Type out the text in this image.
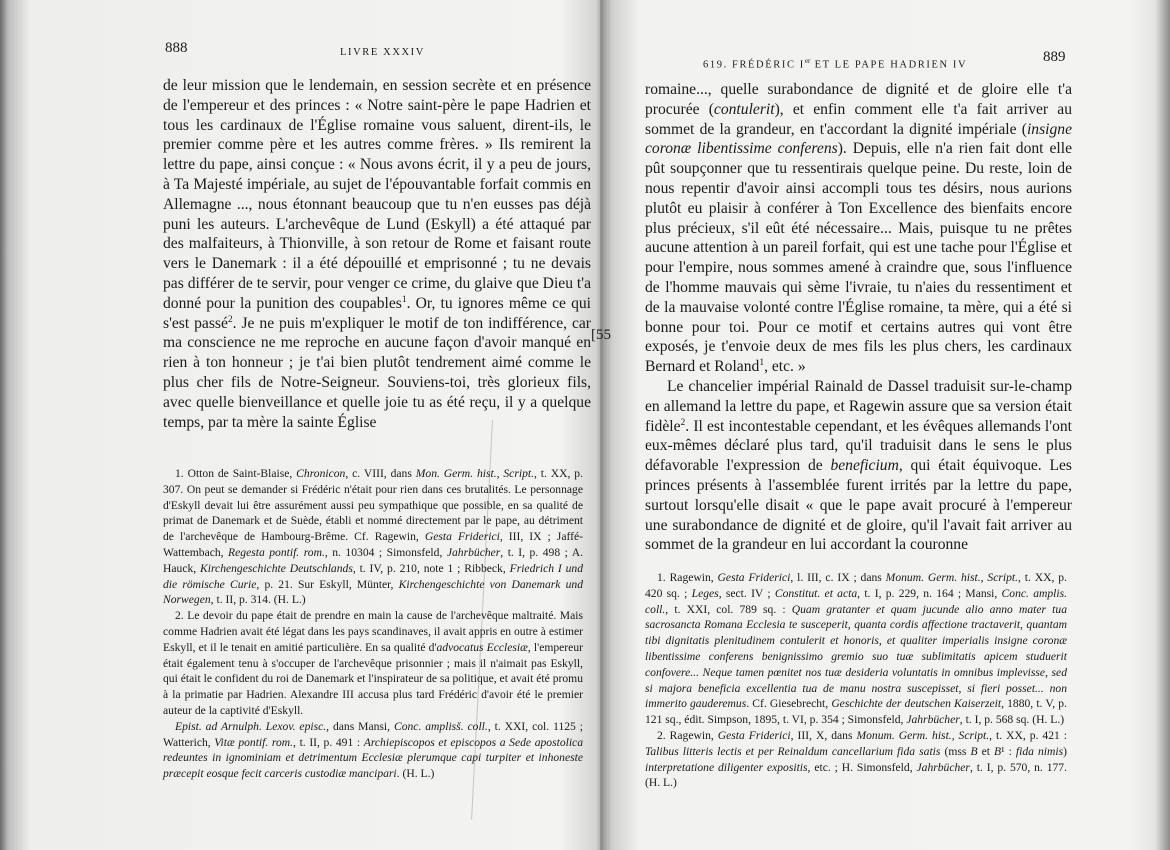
888	LIVRE XXXIV

de leur mission que le lendemain, en session secrète et en présence de l'empereur et des princes : « Notre saint-père le pape Hadrien et tous les cardinaux de l'Église romaine vous saluent, dirent-ils, le premier comme père et les autres comme frères. » Ils remirent la lettre du pape, ainsi conçue : « Nous avons écrit, il y a peu de jours, à Ta Majesté impériale, au sujet de l'épouvantable forfait commis en Allemagne ..., nous étonnant beaucoup que tu n'en eusses pas déjà puni les auteurs. L'archevêque de Lund (Eskyll) a été attaqué par des malfaiteurs, à Thionville, à son retour de Rome et faisant route vers le Danemark : il a été dépouillé et emprisonné ; tu ne devais pas différer de te servir, pour venger ce crime, du glaive que Dieu t'a donné pour la punition des coupables$^1$. Or, tu ignores même ce qui s'est passé$^2$. Je ne puis m'expliquer le motif de ton indifférence, car ma conscience ne me reproche en aucune façon d'avoir manqué en rien à ton honneur ; je t'ai bien plutôt tendrement aimé comme le plus cher fils de Notre-Seigneur. Souviens-toi, très glorieux fils, avec quelle bienveillance et quelle joie tu as été reçu, il y a quelque temps, par ta mère la sainte Église

[55

1. Otton de Saint-Blaise, Chronicon, c. VIII, dans Mon. Germ. hist., Script., t. XX, p. 307. On peut se demander si Frédéric n'était pour rien dans ces brutalités. Le personnage d'Eskyll devait lui être assurément aussi peu sympathique que possible, en sa qualité de primat de Danemark et de Suède, établi et nommé directement par le pape, au détriment de l'archevêque de Hambourg-Brême. Cf. Ragewin, Gesta Friderici, III, IX ; Jaffé-Wattembach, Regesta pontif. rom., n. 10304 ; Simonsfeld, Jahrbücher, t. I, p. 498 ; A. Hauck, Kirchengeschichte Deutschlands, t. IV, p. 210, note 1 ; Ribbeck, Friedrich I und die römische Curie, p. 21. Sur Eskyll, Münter, Kirchengeschichte von Danemark und Norwegen, t. II, p. 314. (H. L.)

2. Le devoir du pape était de prendre en main la cause de l'archevêque maltraité. Mais comme Hadrien avait été légat dans les pays scandinaves, il avait appris en outre à estimer Eskyll, et il le tenait en amitié particulière. En sa qualité d'advocatus Ecclesiæ, l'empereur était également tenu à s'occuper de l'archevêque prisonnier ; mais il n'aimait pas Eskyll, qui était le confident du roi de Danemark et l'inspirateur de sa politique, et avait été promu à la primatie par Hadrien. Alexandre III accusa plus tard Frédéric d'avoir été le premier auteur de la captivité d'Eskyll.

Epist. ad Arnulph. Lexov. episc., dans Mansi, Conc. amplisš. coll., t. XXI, col. 1125 ; Watterich, Vitæ pontif. rom., t. II, p. 491 : Archiepiscopos et episcopos a Sede apostolica redeuntes in ignominiam et detrimentum Ecclesiæ plerumque capi turpiter et inhoneste præcepit eosque fecit carceris custodiæ mancipari. (H. L.)

619. FRÉDÉRIC Ier ET LE PAPE HADRIEN IV	889

romaine..., quelle surabondance de dignité et de gloire elle t'a procurée (contulerit), et enfin comment elle t'a fait arriver au sommet de la grandeur, en t'accordant la dignité impériale (insigne coronæ libentissime conferens). Depuis, elle n'a rien fait dont elle pût soupçonner que tu ressentirais quelque peine. Du reste, loin de nous repentir d'avoir ainsi accompli tous tes désirs, nous aurions plutôt eu plaisir à conférer à Ton Excellence des bienfaits encore plus précieux, s'il eût été nécessaire... Mais, puisque tu ne prêtes aucune attention à un pareil forfait, qui est une tache pour l'Église et pour l'empire, nous sommes amené à craindre que, sous l'influence de l'homme mauvais qui sème l'ivraie, tu n'aies du ressentiment et de la mauvaise volonté contre l'Église romaine, ta mère, qui a été si bonne pour toi. Pour ce motif et certains autres qui vont être exposés, je t'envoie deux de mes fils les plus chers, les cardinaux Bernard et Roland$^1$, etc. »

Le chancelier impérial Rainald de Dassel traduisit sur-le-champ en allemand la lettre du pape, et Ragewin assure que sa version était fidèle$^2$. Il est incontestable cependant, et les évêques allemands l'ont eux-mêmes déclaré plus tard, qu'il traduisit dans le sens le plus défavorable l'expression de beneficium, qui était équivoque. Les princes présents à l'assemblée furent irrités par la lettre du pape, surtout lorsqu'elle disait « que le pape avait procuré à l'empereur une surabondance de dignité et de gloire, qu'il l'avait fait arriver au sommet de la grandeur en lui accordant la couronne

1. Ragewin, Gesta Friderici, l. III, c. IX ; dans Monum. Germ. hist., Script., t. XX, p. 420 sq. ; Leges, sect. IV ; Constitut. et acta, t. I, p. 229, n. 164 ; Mansi, Conc. amplis. coll., t. XXI, col. 789 sq. : Quam gratanter et quam jucunde alio anno mater tua sacrosancta Romana Ecclesia te susceperit, quanta cordis affectione tractaverit, quantam tibi dignitatis plenitudinem contulerit et honoris, et qualiter imperialis insigne coronæ libentissime conferens benignissimo gremio suo tuæ sublimitatis apicem studuerit confovere... Neque tamen pœnitet nos tuæ desideria voluntatis in omnibus implevisse, sed si majora beneficia excellentia tua de manu nostra suscepisset, si fieri posset... non immerito gauderemus. Cf. Giesebrecht, Geschichte der deutschen Kaiserzeit, 1880, t. V, p. 121 sq., édit. Simpson, 1895, t. VI, p. 354 ; Simonsfeld, Jahrbücher, t. I, p. 568 sq. (H. L.)

2. Ragewin, Gesta Friderici, III, X, dans Monum. Germ. hist., Script., t. XX, p. 421 : Talibus litteris lectis et per Reinaldum cancellarium fida satis (mss B et B¹ : fida nimis) interpretatione diligenter expositis, etc. ; H. Simonsfeld, Jahrbücher, t. I, p. 570, n. 177. (H. L.)
